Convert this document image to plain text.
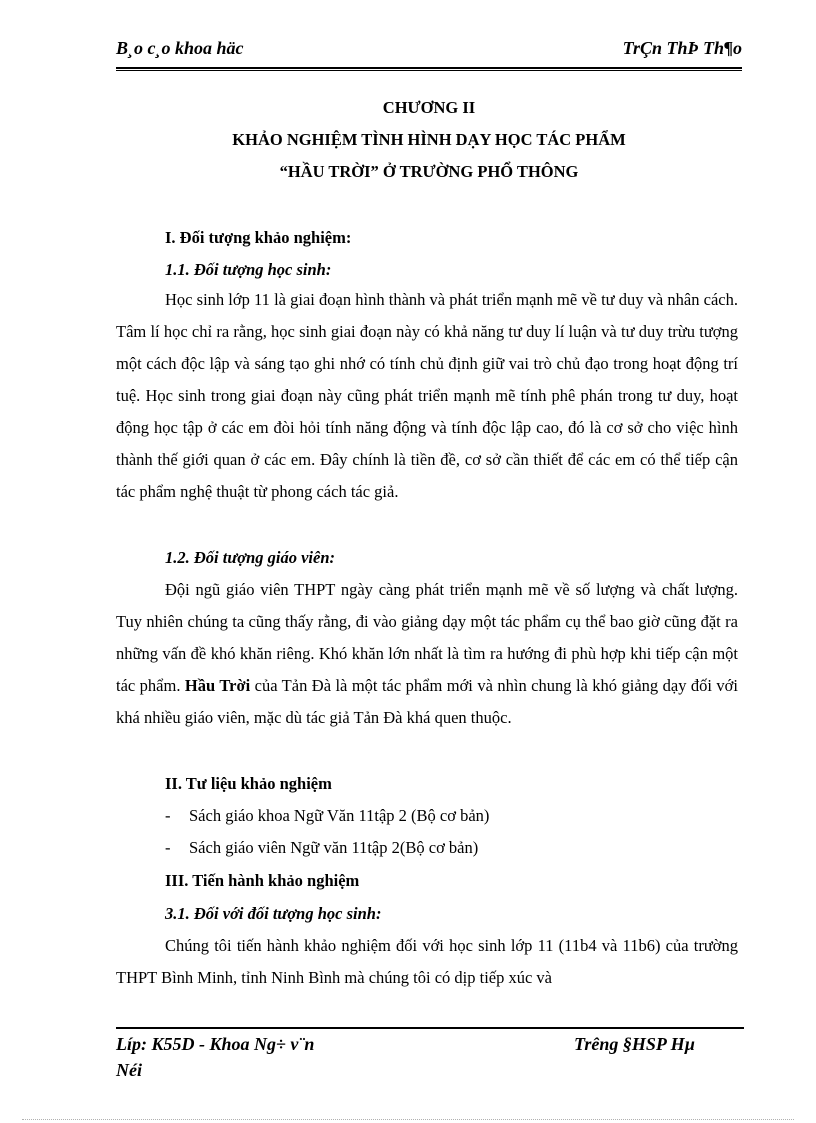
B¸o c¸o khoa häc	TrÇn ThÞ Th¶o
CHƯƠNG II
KHẢO NGHIỆM TÌNH HÌNH DẠY HỌC TÁC PHẨM
“HẦU TRỜI” Ở TRƯỜNG PHỔ THÔNG
I. Đối tượng khảo nghiệm:
1.1. Đối tượng học sinh:
Học sinh lớp 11 là giai đoạn hình thành và phát triển mạnh mẽ về tư duy và nhân cách. Tâm lí học chỉ ra rằng, học sinh giai đoạn này có khả năng tư duy lí luận và tư duy trừu tượng một cách độc lập và sáng tạo ghi nhớ có tính chủ định giữ vai trò chủ đạo trong hoạt động trí tuệ. Học sinh trong giai đoạn này cũng phát triển mạnh mẽ tính phê phán trong tư duy, hoạt động học tập ở các em đòi hỏi tính năng động và tính độc lập cao, đó là cơ sở cho việc hình thành thế giới quan ở các em. Đây chính là tiền đề, cơ sở cần thiết để các em có thể tiếp cận tác phẩm nghệ thuật từ phong cách tác giả.
1.2. Đối tượng giáo viên:
Đội ngũ giáo viên THPT ngày càng phát triển mạnh mẽ về số lượng và chất lượng. Tuy nhiên chúng ta cũng thấy rằng, đi vào giảng dạy một tác phẩm cụ thể bao giờ cũng đặt ra những vấn đề khó khăn riêng. Khó khăn lớn nhất là tìm ra hướng đi phù hợp khi tiếp cận một tác phẩm. Hầu Trời của Tản Đà là một tác phẩm mới và nhìn chung là khó giảng dạy đối với khá nhiều giáo viên, mặc dù tác giả Tản Đà khá quen thuộc.
II. Tư liệu khảo nghiệm
- Sách giáo khoa Ngữ Văn 11tập 2 (Bộ cơ bản)
- Sách giáo viên Ngữ văn 11tập 2(Bộ cơ bản)
III. Tiến hành khảo nghiệm
3.1. Đối với đối tượng học sinh:
Chúng tôi tiến hành khảo nghiệm đối với học sinh lớp 11 (11b4 và 11b6) của trường THPT Bình Minh, tỉnh Ninh Bình mà chúng tôi có dịp tiếp xúc và
Líp: K55D - Khoa Ng÷ v¨n
Néi
Trêng §HSP Hµ
